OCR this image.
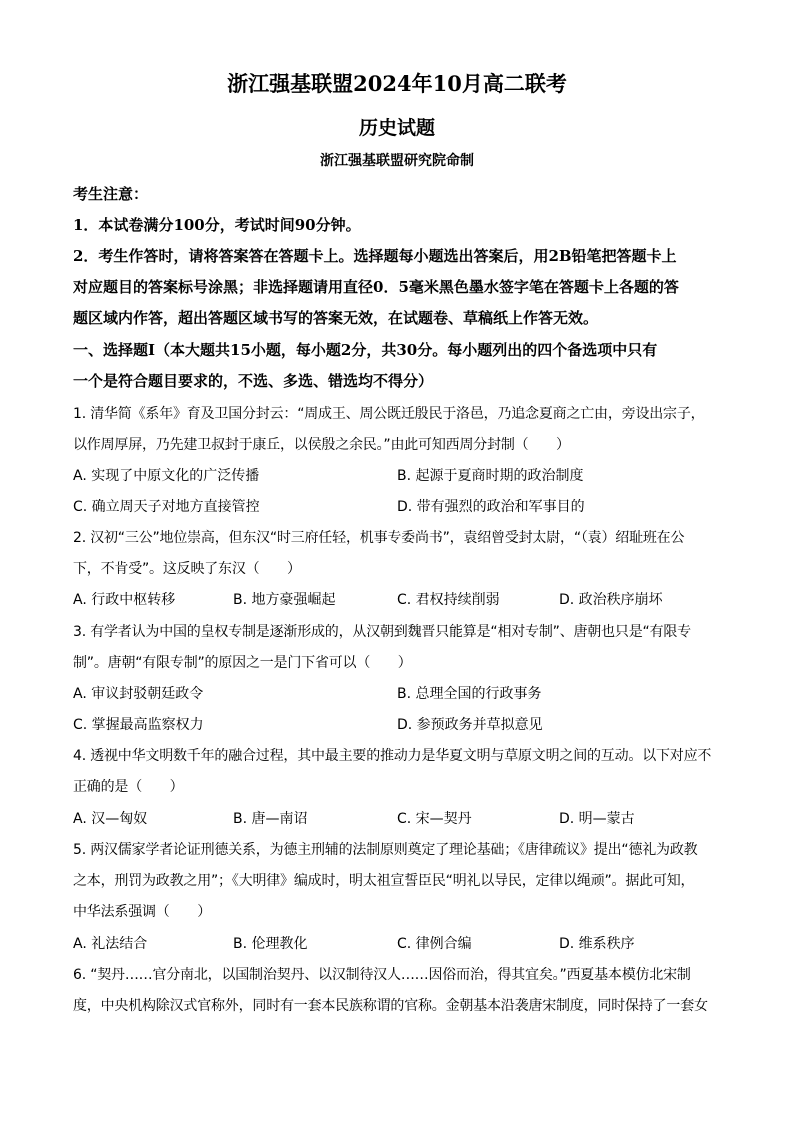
浙江强基联盟2024年10月高二联考
历史试题
浙江强基联盟研究院命制
考生注意：
1．本试卷满分100分，考试时间90分钟。
2．考生作答时，请将答案答在答题卡上。选择题每小题选出答案后，用2B铅笔把答题卡上
对应题目的答案标号涂黑；非选择题请用直径0．5毫米黑色墨水签字笔在答题卡上各题的答
题区域内作答，超出答题区域书写的答案无效，在试题卷、草稿纸上作答无效。
一、选择题Ⅰ（本大题共15小题，每小题2分，共30分。每小题列出的四个备选项中只有
一个是符合题目要求的，不选、多选、错选均不得分）
1. 清华简《系年》育及卫国分封云：“周成王、周公既迁殷民于洛邑，乃追念夏商之亡由，旁设出宗子，
以作周厚屏，乃先建卫叔封于康丘，以侯殷之余民。”由此可知西周分封制（　　）
A. 实现了中原文化的广泛传播	B. 起源于夏商时期的政治制度
C. 确立周天子对地方直接管控	D. 带有强烈的政治和军事目的
2. 汉初“三公”地位崇高，但东汉“时三府任轻，机事专委尚书”，袁绍曾受封太尉，“（袁）绍耻班在公
下，不肯受”。这反映了东汉（　　）
A. 行政中枢转移	B. 地方豪强崛起	C. 君权持续削弱	D. 政治秩序崩坏
3. 有学者认为中国的皇权专制是逐渐形成的，从汉朝到魏晋只能算是“相对专制”、唐朝也只是“有限专
制”。唐朝“有限专制”的原因之一是门下省可以（　　）
A. 审议封驳朝廷政令	B. 总理全国的行政事务
C. 掌握最高监察权力	D. 参预政务并草拟意见
4. 透视中华文明数千年的融合过程，其中最主要的推动力是华夏文明与草原文明之间的互动。以下对应不
正确的是（　　）
A. 汉—匈奴	B. 唐—南诏	C. 宋—契丹	D. 明—蒙古
5. 两汉儒家学者论证刑德关系，为德主刑辅的法制原则奠定了理论基础；《唐律疏议》提出“德礼为政教
之本，刑罚为政教之用”；《大明律》编成时，明太祖宣誓臣民“明礼以导民，定律以绳顽”。据此可知，
中华法系强调（　　）
A. 礼法结合	B. 伦理教化	C. 律例合编	D. 维系秩序
6. “契丹……官分南北，以国制治契丹、以汉制待汉人……因俗而治，得其宜矣。”西夏基本模仿北宋制
度，中央机构除汉式官称外，同时有一套本民族称谓的官称。金朝基本沿袭唐宋制度，同时保持了一套女
